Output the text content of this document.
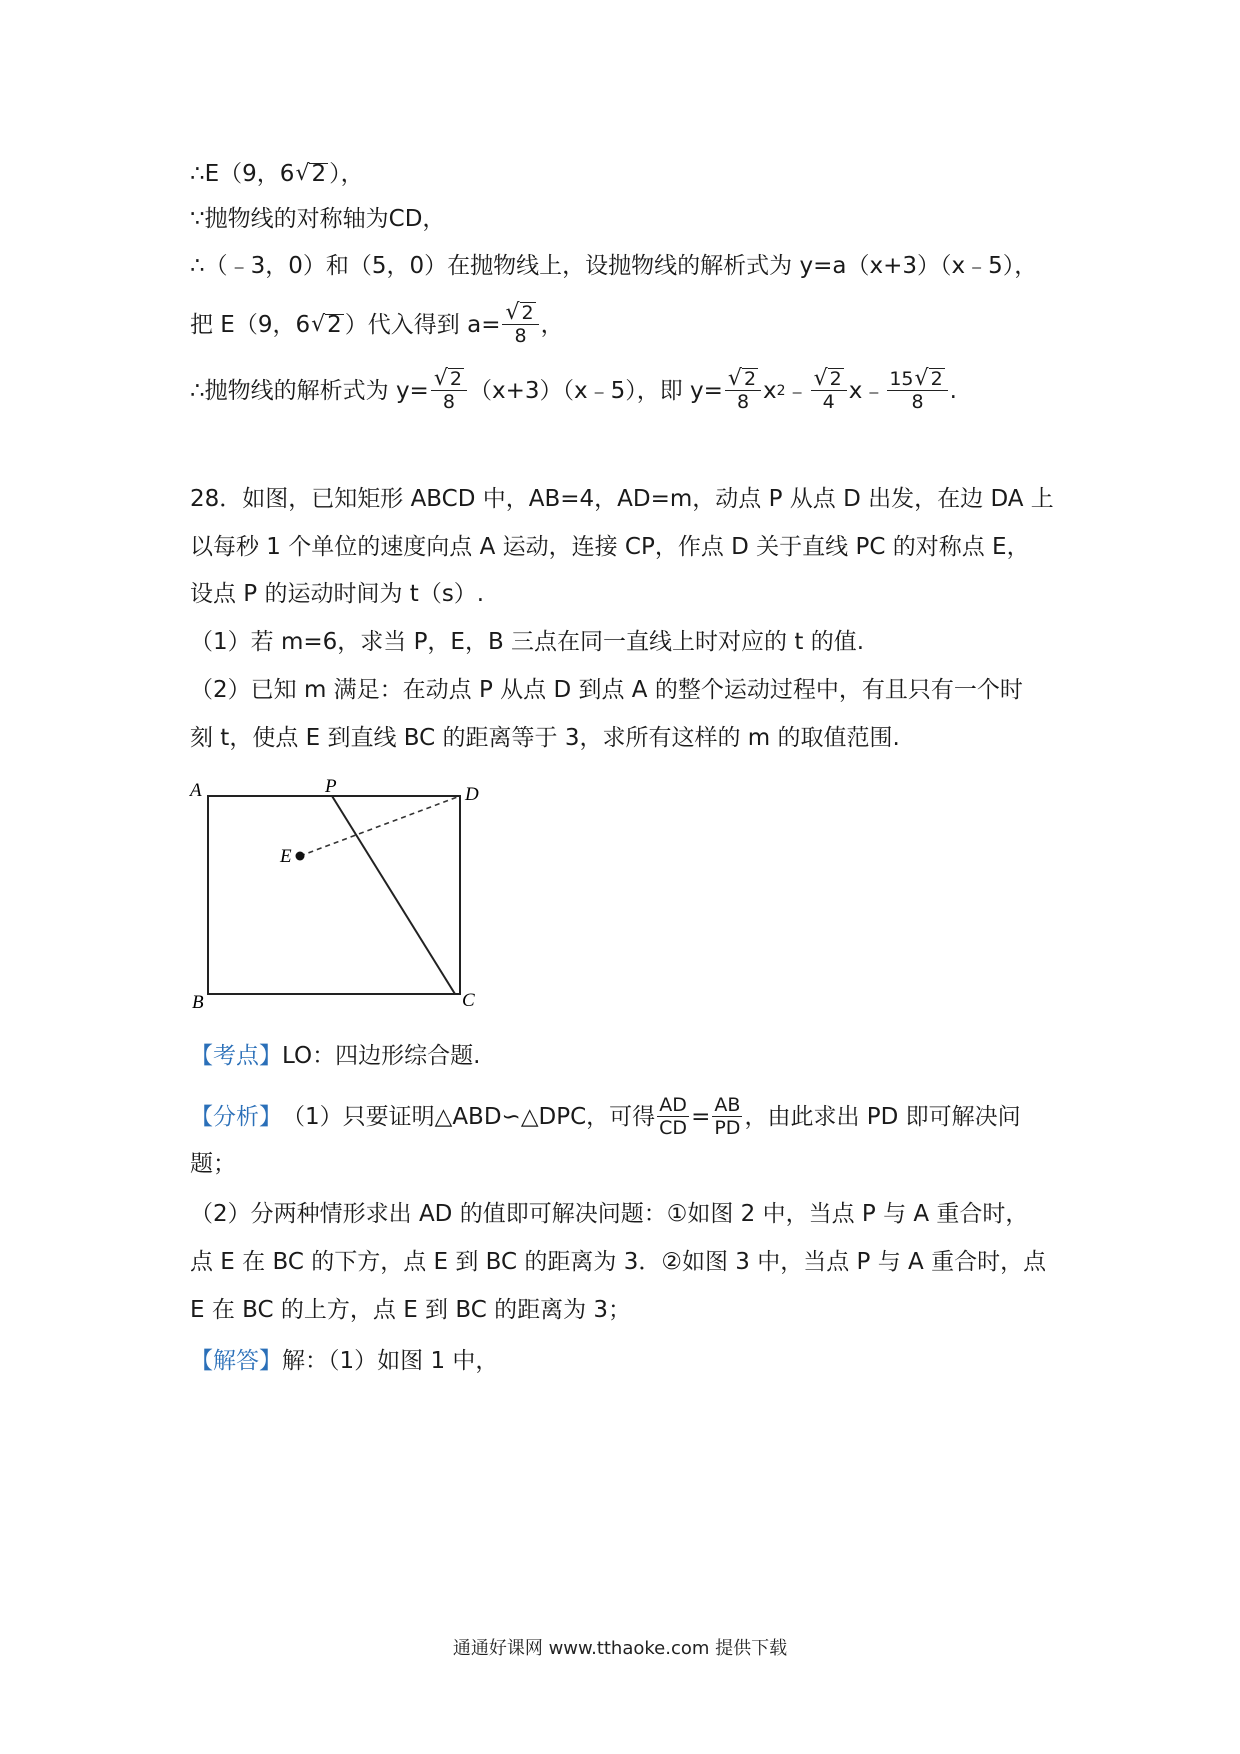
∴E（9，6 √ 2 ），
∵抛物线的对称轴为CD，
∴（﹣3，0）和（5，0）在抛物线上，设抛物线的解析式为 y=a（x+3）（x﹣5），
把 E（9，6 √ 2 ）代入得到 $a= \frac{√ 2}{8}$ ，
∴抛物线的解析式为 $y= \frac{√ 2}{8}$ （x+3）（x﹣5），即 $y= \frac{√ 2}{8}$ x 2 ﹣ $\frac{√ 2}{4}$ x﹣ $\frac{15 √ 2}{8}$ .
28．如图，已知矩形 ABCD 中，AB=4，AD=m，动点 P 从点 D 出发，在边 DA 上
以每秒 1 个单位的速度向点 A 运动，连接 CP，作点 D 关于直线 PC 的对称点 E，
设点 P 的运动时间为 t（s）.
（1）若 m=6，求当 P，E，B 三点在同一直线上时对应的 t 的值.
（2）已知 m 满足：在动点 P 从点 D 到点 A 的整个运动过程中，有且只有一个时
刻 t，使点 E 到直线 BC 的距离等于 3，求所有这样的 m 的取值范围.
A
B	C
D
P
E
【考点】 LO：四边形综合题.
【分析】 （1）只要证明△ABD∽△DPC，可得 $\frac{AD}{CD} = \frac{AB}{PD}$ ，由此求出 PD 即可解决问
题；
（2）分两种情形求出 AD 的值即可解决问题：①如图 2 中，当点 P 与 A 重合时，
点 E 在 BC 的下方，点 E 到 BC 的距离为 3．②如图 3 中，当点 P 与 A 重合时，点
E 在 BC 的上方，点 E 到 BC 的距离为 3；
【解答】 解：（1）如图 1 中，
通通好课网 www.tthaoke.com 提供下载
